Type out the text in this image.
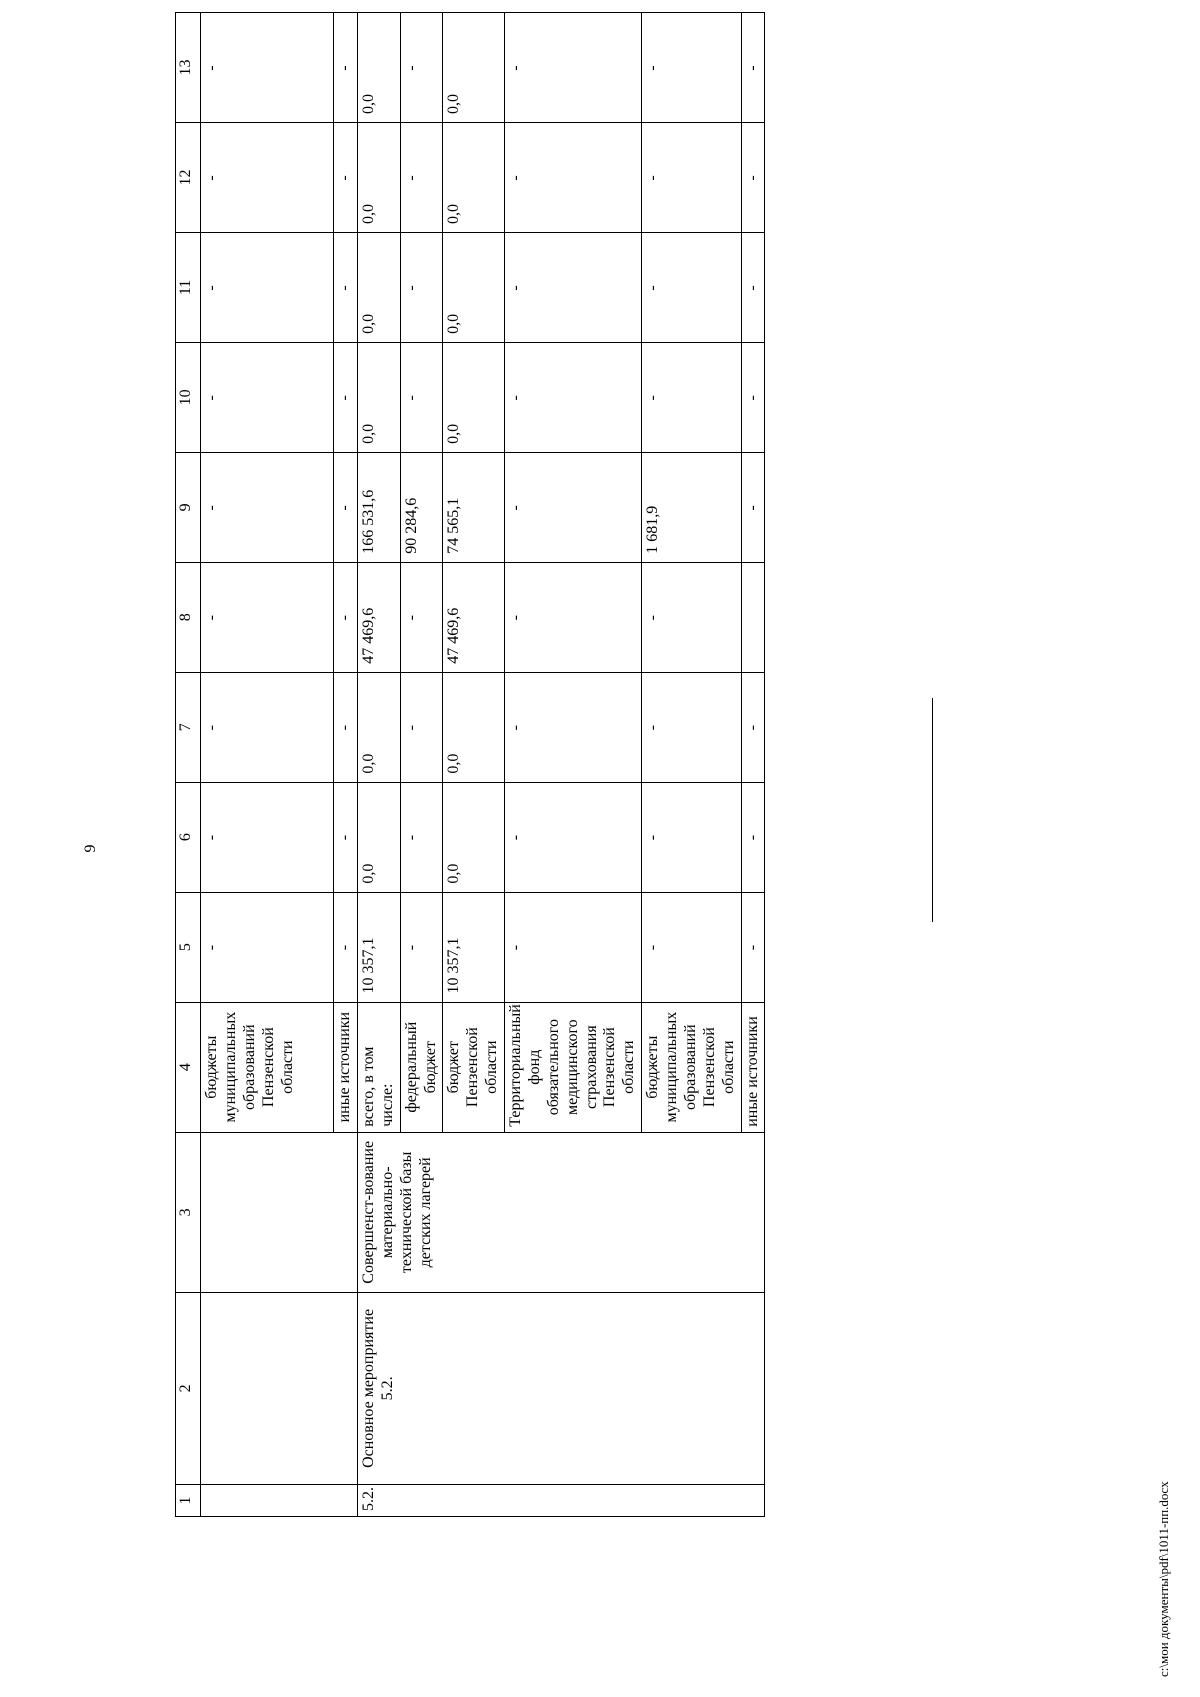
9
1	2	3	4	5	6	7	8	9	10	11	12	13
			бюджеты муниципальных образований Пензенской области	-	-	-	-	-	-	-	-	-
			иные источники	-	-	-	-	-	-	-	-	-
5.2.	Основное мероприятие 5.2.	Совершенст-вование материально-технической базы детских лагерей	всего, в том числе:	10 357,1	0,0	0,0	47 469,6	166 531,6	0,0	0,0	0,0	0,0
			федеральный бюджет	-	-	-	-	90 284,6	-	-	-	-
			бюджет Пензенской области	10 357,1	0,0	0,0	47 469,6	74 565,1	0,0	0,0	0,0	0,0
			Территориальный фонд обязательного медицинского страхования Пензенской области	-	-	-	-	-	-	-	-	-
			бюджеты муниципальных образований Пензенской области	-	-	-	-	1 681,9	-	-	-	-
			иные источники	-	-	-		-	-	-	-	-
c:\мои документы\pdf\1011-пп.docx
